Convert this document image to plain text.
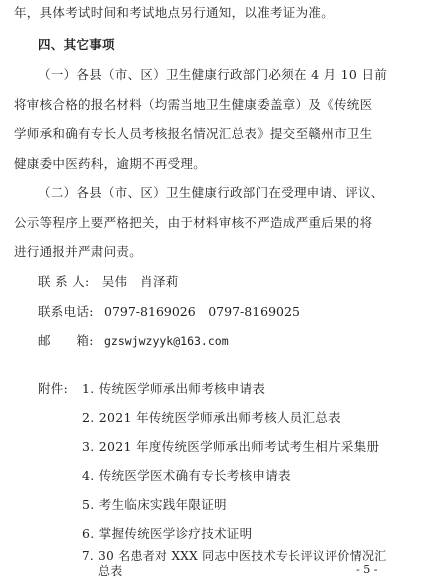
年，具体考试时间和考试地点另行通知，以准考证为准。
四、其它事项
（一）各县（市、区）卫生健康行政部门必须在 4 月 10 日前
将审核合格的报名材料（均需当地卫生健康委盖章）及《传统医
学师承和确有专长人员考核报名情况汇总表》提交至赣州市卫生
健康委中医药科，逾期不再受理。
（二）各县（市、区）卫生健康行政部门在受理申请、评议、
公示等程序上要严格把关，由于材料审核不严造成严重后果的将
进行通报并严肃问责。
联 系 人: 吴伟　肖泽莉
联系电话: 0797-8169026　0797-8169025
邮　　箱: gzswjwzyyk@163.com
附件: 1. 传统医学师承出师考核申请表
2. 2021 年传统医学师承出师考核人员汇总表
3. 2021 年度传统医学师承出师考试考生相片采集册
4. 传统医学医术确有专长考核申请表
5. 考生临床实践年限证明
6. 掌握传统医学诊疗技术证明
7. 30 名患者对 XXX 同志中医技术专长评议评价情况汇
总表	- 5 -
